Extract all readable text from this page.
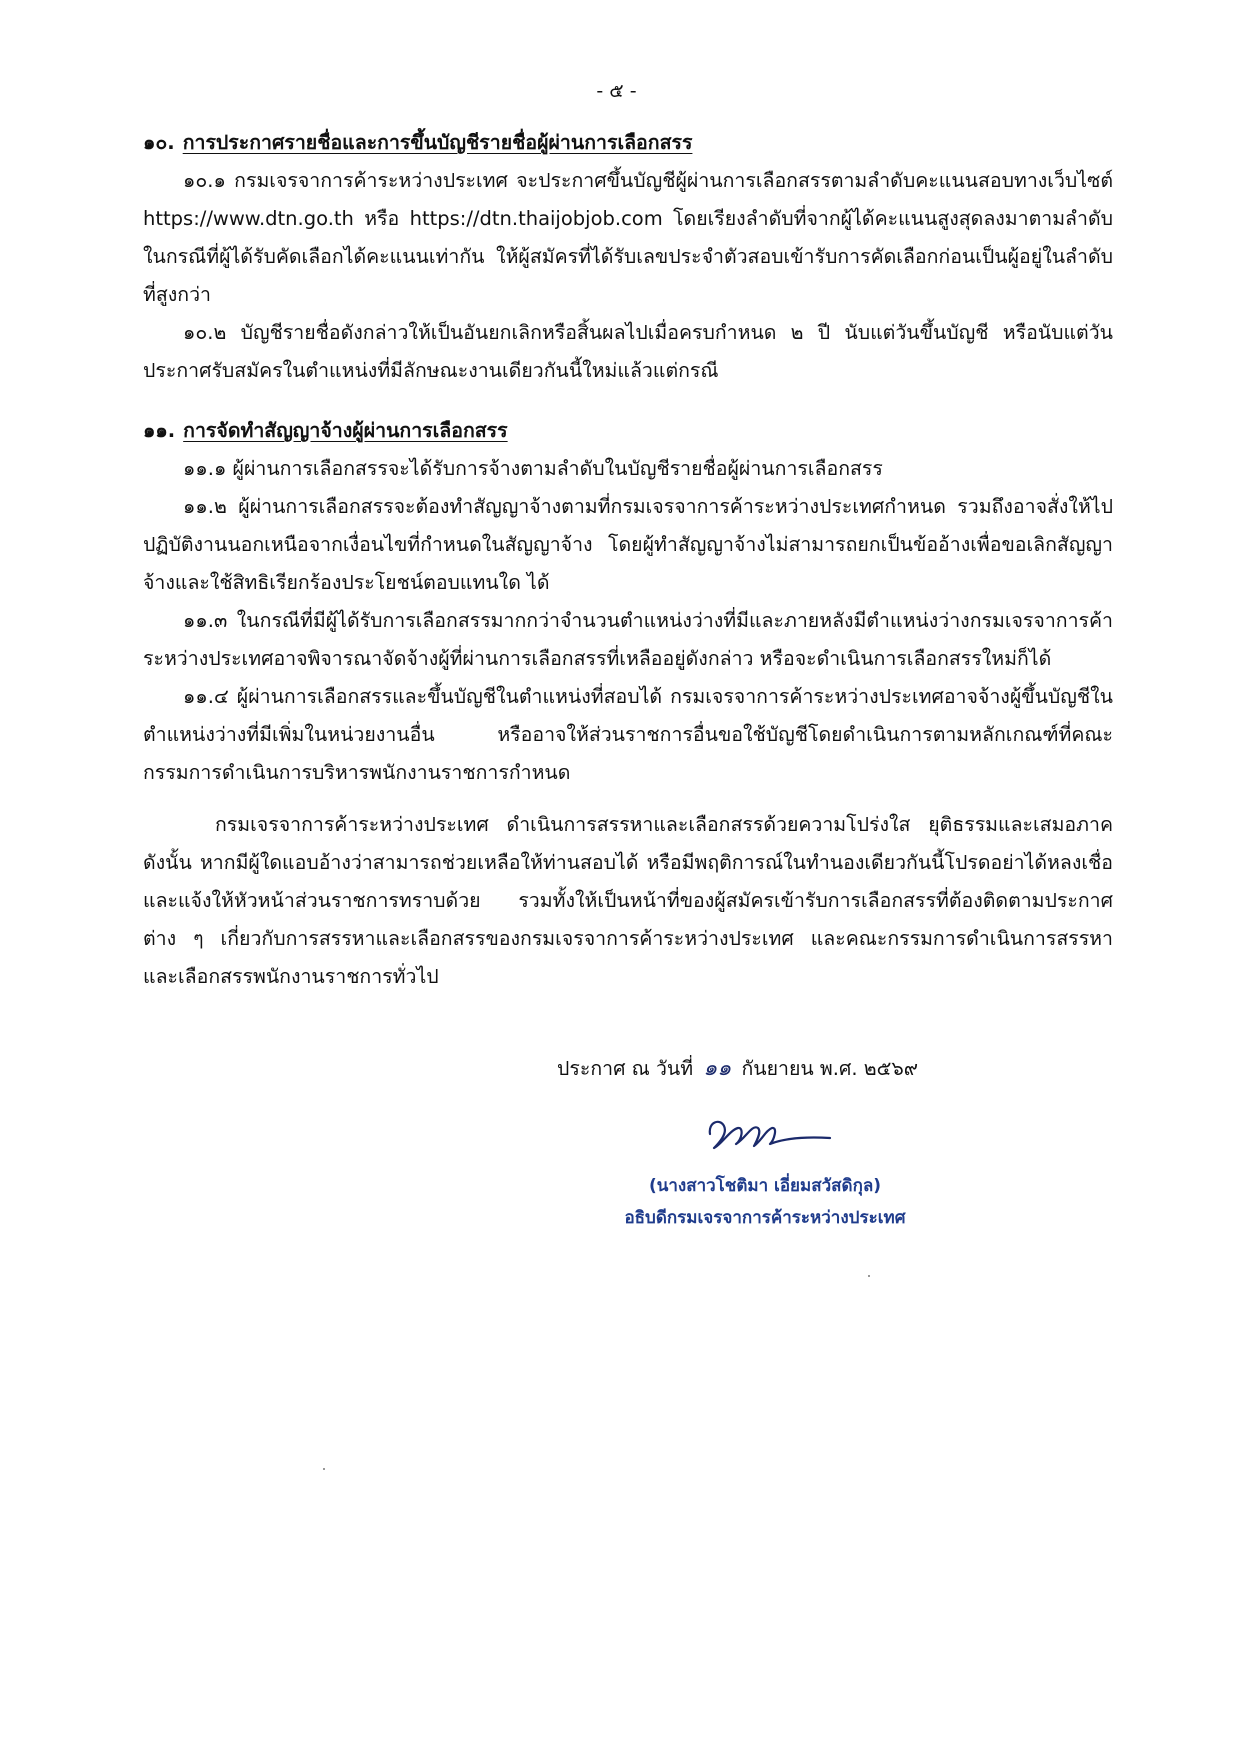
- ๕ -

๑๐. การประกาศรายชื่อและการขึ้นบัญชีรายชื่อผู้ผ่านการเลือกสรร

๑๐.๑ กรมเจรจาการค้าระหว่างประเทศ จะประกาศขึ้นบัญชีผู้ผ่านการเลือกสรรตามลำดับคะแนนสอบทางเว็บไซต์ https://www.dtn.go.th หรือ https://dtn.thaijobjob.com โดยเรียงลำดับที่จากผู้ได้คะแนนสูงสุดลงมาตามลำดับ ในกรณีที่ผู้ได้รับคัดเลือกได้คะแนนเท่ากัน ให้ผู้สมัครที่ได้รับเลขประจำตัวสอบเข้ารับการคัดเลือกก่อนเป็นผู้อยู่ในลำดับที่สูงกว่า

๑๐.๒ บัญชีรายชื่อดังกล่าวให้เป็นอันยกเลิกหรือสิ้นผลไปเมื่อครบกำหนด ๒ ปี นับแต่วันขึ้นบัญชี หรือนับแต่วันประกาศรับสมัครในตำแหน่งที่มีลักษณะงานเดียวกันนี้ใหม่แล้วแต่กรณี

๑๑. การจัดทำสัญญาจ้างผู้ผ่านการเลือกสรร

๑๑.๑ ผู้ผ่านการเลือกสรรจะได้รับการจ้างตามลำดับในบัญชีรายชื่อผู้ผ่านการเลือกสรร

๑๑.๒ ผู้ผ่านการเลือกสรรจะต้องทำสัญญาจ้างตามที่กรมเจรจาการค้าระหว่างประเทศกำหนด รวมถึงอาจสั่งให้ไปปฏิบัติงานนอกเหนือจากเงื่อนไขที่กำหนดในสัญญาจ้าง โดยผู้ทำสัญญาจ้างไม่สามารถยกเป็นข้ออ้างเพื่อขอเลิกสัญญาจ้างและใช้สิทธิเรียกร้องประโยชน์ตอบแทนใด ได้

๑๑.๓ ในกรณีที่มีผู้ได้รับการเลือกสรรมากกว่าจำนวนตำแหน่งว่างที่มีและภายหลังมีตำแหน่งว่างกรมเจรจาการค้าระหว่างประเทศอาจพิจารณาจัดจ้างผู้ที่ผ่านการเลือกสรรที่เหลืออยู่ดังกล่าว หรือจะดำเนินการเลือกสรรใหม่ก็ได้

๑๑.๔ ผู้ผ่านการเลือกสรรและขึ้นบัญชีในตำแหน่งที่สอบได้ กรมเจรจาการค้าระหว่างประเทศอาจจ้างผู้ขึ้นบัญชีในตำแหน่งว่างที่มีเพิ่มในหน่วยงานอื่น หรืออาจให้ส่วนราชการอื่นขอใช้บัญชีโดยดำเนินการตามหลักเกณฑ์ที่คณะกรรมการดำเนินการบริหารพนักงานราชการกำหนด

กรมเจรจาการค้าระหว่างประเทศ ดำเนินการสรรหาและเลือกสรรด้วยความโปร่งใส ยุติธรรมและเสมอภาค ดังนั้น หากมีผู้ใดแอบอ้างว่าสามารถช่วยเหลือให้ท่านสอบได้ หรือมีพฤติการณ์ในทำนองเดียวกันนี้โปรดอย่าได้หลงเชื่อและแจ้งให้หัวหน้าส่วนราชการทราบด้วย รวมทั้งให้เป็นหน้าที่ของผู้สมัครเข้ารับการเลือกสรรที่ต้องติดตามประกาศต่าง ๆ เกี่ยวกับการสรรหาและเลือกสรรของกรมเจรจาการค้าระหว่างประเทศ และคณะกรรมการดำเนินการสรรหาและเลือกสรรพนักงานราชการทั่วไป

ประกาศ ณ วันที่ ๑๑ กันยายน พ.ศ. ๒๕๖๙
(นางสาวโชติมา เอี่ยมสวัสดิกุล)
อธิบดีกรมเจรจาการค้าระหว่างประเทศ
